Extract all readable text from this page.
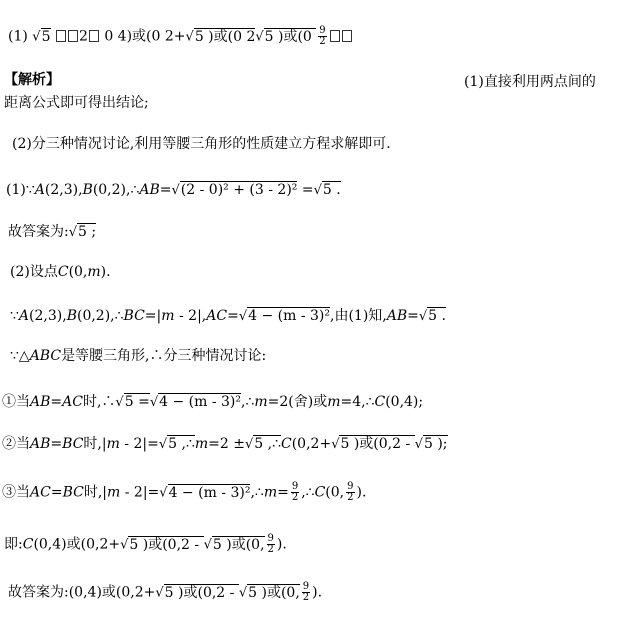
(1) √5 2 0 4)或(0 2+√5 )或(0 2√5 )或($0 \frac{9}{2}$
【解析】	(1)直接利用两点间的
距离公式即可得出结论;
(2)分三种情况讨论,利用等腰三角形的性质建立方程求解即可.
(1)∵A(2,3),B(0,2),∴AB=√(2 - 0)² + (3 - 2)² =√5 .
故答案为:√5 ;
(2)设点C(0,m).
∵A(2,3),B(0,2),∴BC=|m - 2|,AC=√4 − (m - 3)²,由(1)知,AB=√5 .
∵△ABC是等腰三角形,∴分三种情况讨论:
①当AB=AC时,∴√5 =√4 − (m - 3)²,∴m=2(舍)或m=4,∴C(0,4);
②当AB=BC时,|m - 2|=√5 ,∴m=2 ±√5 ,∴C(0,2+√5 )或(0,2 - √5 );
③当AC=BC时,|m - 2|=√4 − (m - 3)²,∴m= $\frac{9}{2}$ ,∴C(0, $\frac{9}{2}$ ).
即:C(0,4)或(0,2+√5 )或(0,2 - √5 )或(0, $\frac{9}{2}$ ).
故答案为:(0,4)或(0,2+√5 )或(0,2 - √5 )或(0, $\frac{9}{2}$ ).
